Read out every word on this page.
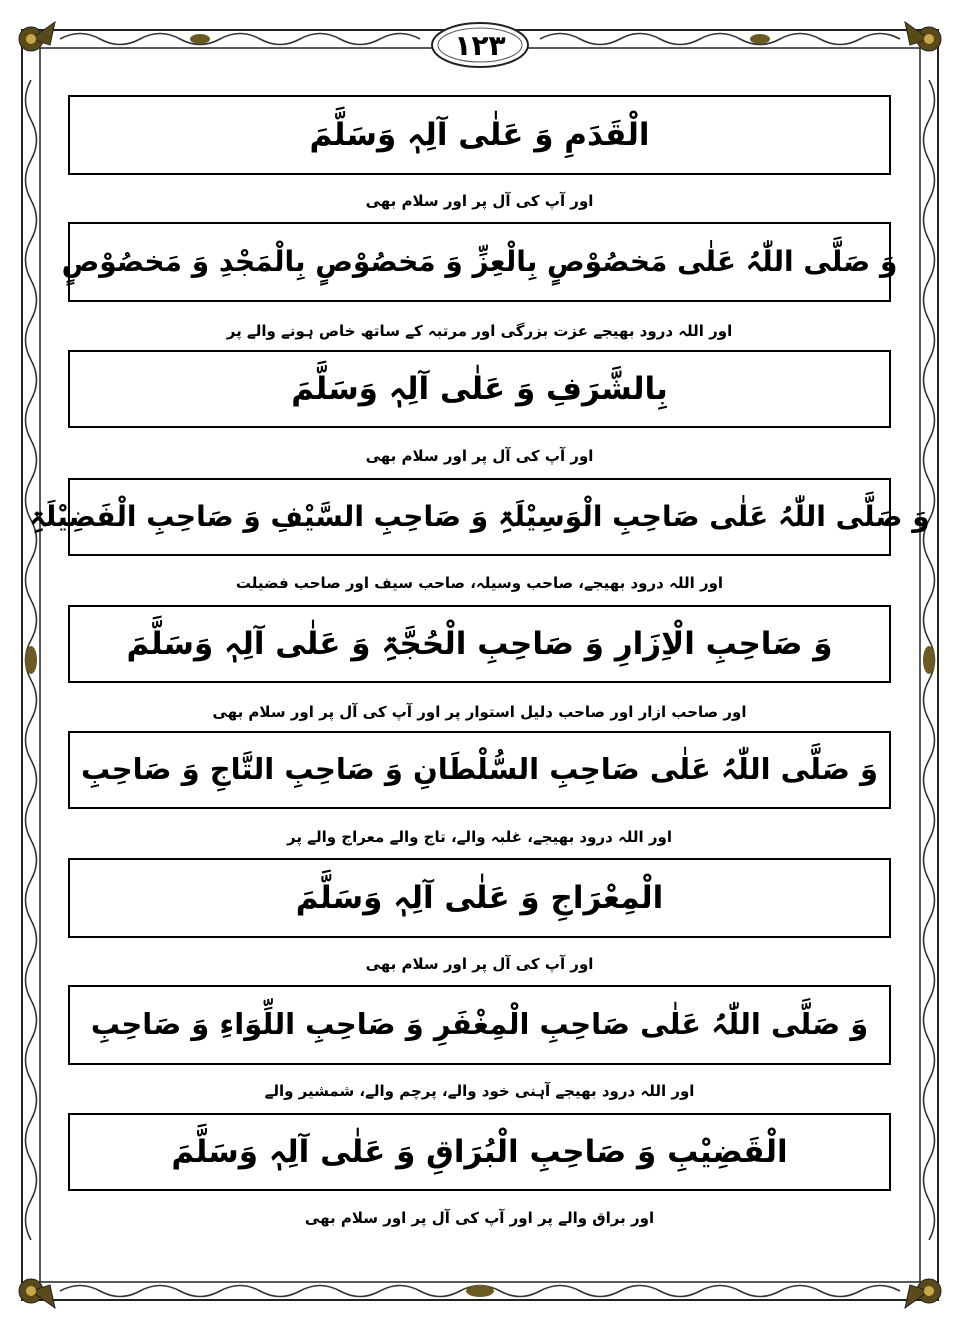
۱۲۳
الْقَدَمِ وَ عَلٰی آلِہٖ وَسَلَّمَ
اور آپ کی آل پر اور سلام بھی
وَ صَلَّی اللّٰہُ عَلٰی مَخصُوْصٍ بِالْعِزِّ وَ مَخصُوْصٍ بِالْمَجْدِ وَ مَخصُوْصٍ
اور اللہ درود بھیجے عزت بزرگی اور مرتبہ کے ساتھ خاص ہونے والے پر
بِالشَّرَفِ وَ عَلٰی آلِہٖ وَسَلَّمَ
اور آپ کی آل پر اور سلام بھی
وَ صَلَّی اللّٰہُ عَلٰی صَاحِبِ الْوَسِیْلَۃِ وَ صَاحِبِ السَّیْفِ وَ صَاحِبِ الْفَضِیْلَۃِ
اور اللہ درود بھیجے، صاحب وسیلہ، صاحب سیف اور صاحب فضیلت
وَ صَاحِبِ الْاِزَارِ وَ صَاحِبِ الْحُجَّۃِ وَ عَلٰی آلِہٖ وَسَلَّمَ
اور صاحب ازار اور صاحب دلیل استوار پر اور آپ کی آل پر اور سلام بھی
وَ صَلَّی اللّٰہُ عَلٰی صَاحِبِ السُّلْطَانِ وَ صَاحِبِ التَّاجِ وَ صَاحِبِ
اور اللہ درود بھیجے، غلبہ والے، تاج والے معراج والے پر
الْمِعْرَاجِ وَ عَلٰی آلِہٖ وَسَلَّمَ
اور آپ کی آل پر اور سلام بھی
وَ صَلَّی اللّٰہُ عَلٰی صَاحِبِ الْمِغْفَرِ وَ صَاحِبِ اللِّوَاءِ وَ صَاحِبِ
اور اللہ درود بھیجے آہنی خود والے، پرچم والے، شمشیر والے
الْقَضِیْبِ وَ صَاحِبِ الْبُرَاقِ وَ عَلٰی آلِہٖ وَسَلَّمَ
اور براق والے پر اور آپ کی آل پر اور سلام بھی
